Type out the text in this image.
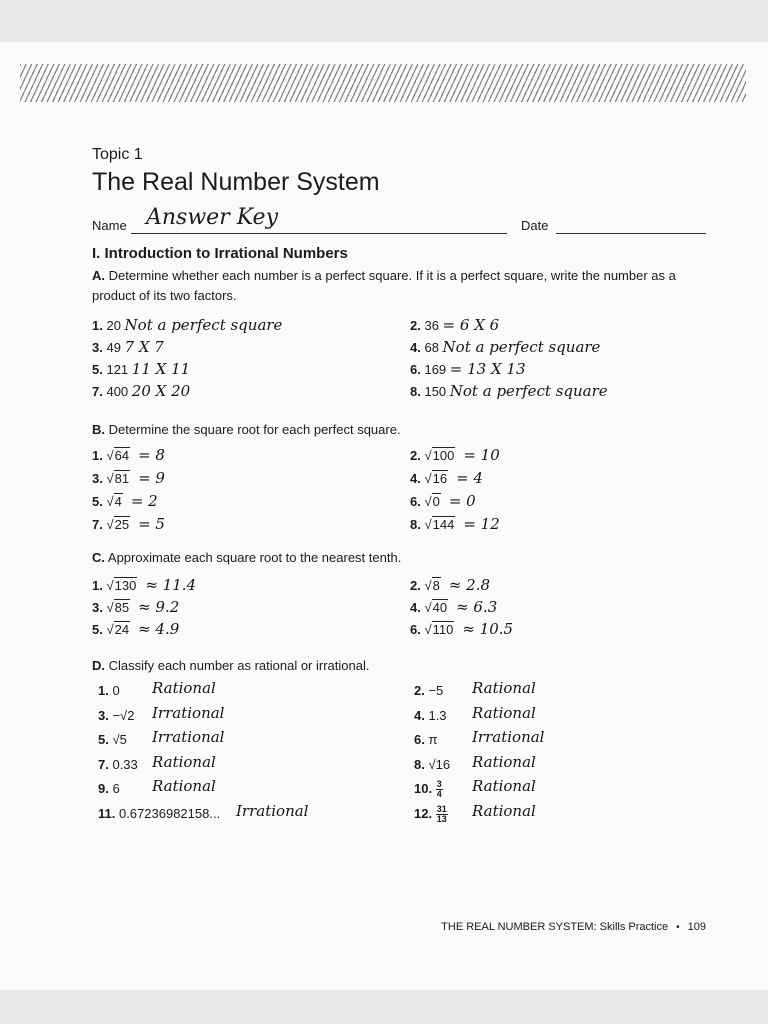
Topic 1
The Real Number System
Name Answer Key	Date
I. Introduction to Irrational Numbers
A. Determine whether each number is a perfect square. If it is a perfect square, write the number as a product of its two factors.
1. 20 Not a perfect square	2. 36 = 6 X 6
3. 49 7 X 7	4. 68 Not a perfect square
5. 121 11 X 11	6. 169 = 13 X 13
7. 400 20 X 20	8. 150 Not a perfect square
B. Determine the square root for each perfect square.
1. √64 = 8	2. √100 = 10
3. √81 = 9	4. √16 = 4
5. √4 = 2	6. √0 = 0
7. √25 = 5	8. √144 = 12
C. Approximate each square root to the nearest tenth.
1. √130 ≈ 11.4	2. √8 ≈ 2.8
3. √85 ≈ 9.2	4. √40 ≈ 6.3
5. √24 ≈ 4.9	6. √110 ≈ 10.5
D. Classify each number as rational or irrational.
1. 0 Rational	2. −5 Rational
3. −√2 Irrational	4. 1.3 Rational
5. √5 Irrational	6. π Irrational
7. 0.33 Rational	8. √16 Rational
9. 6 Rational	10. $\frac{3}{4}$ Rational
11. 0.67236982158... Irrational	12. $\frac{31}{13}$ Rational
THE REAL NUMBER SYSTEM: Skills Practice • 109
